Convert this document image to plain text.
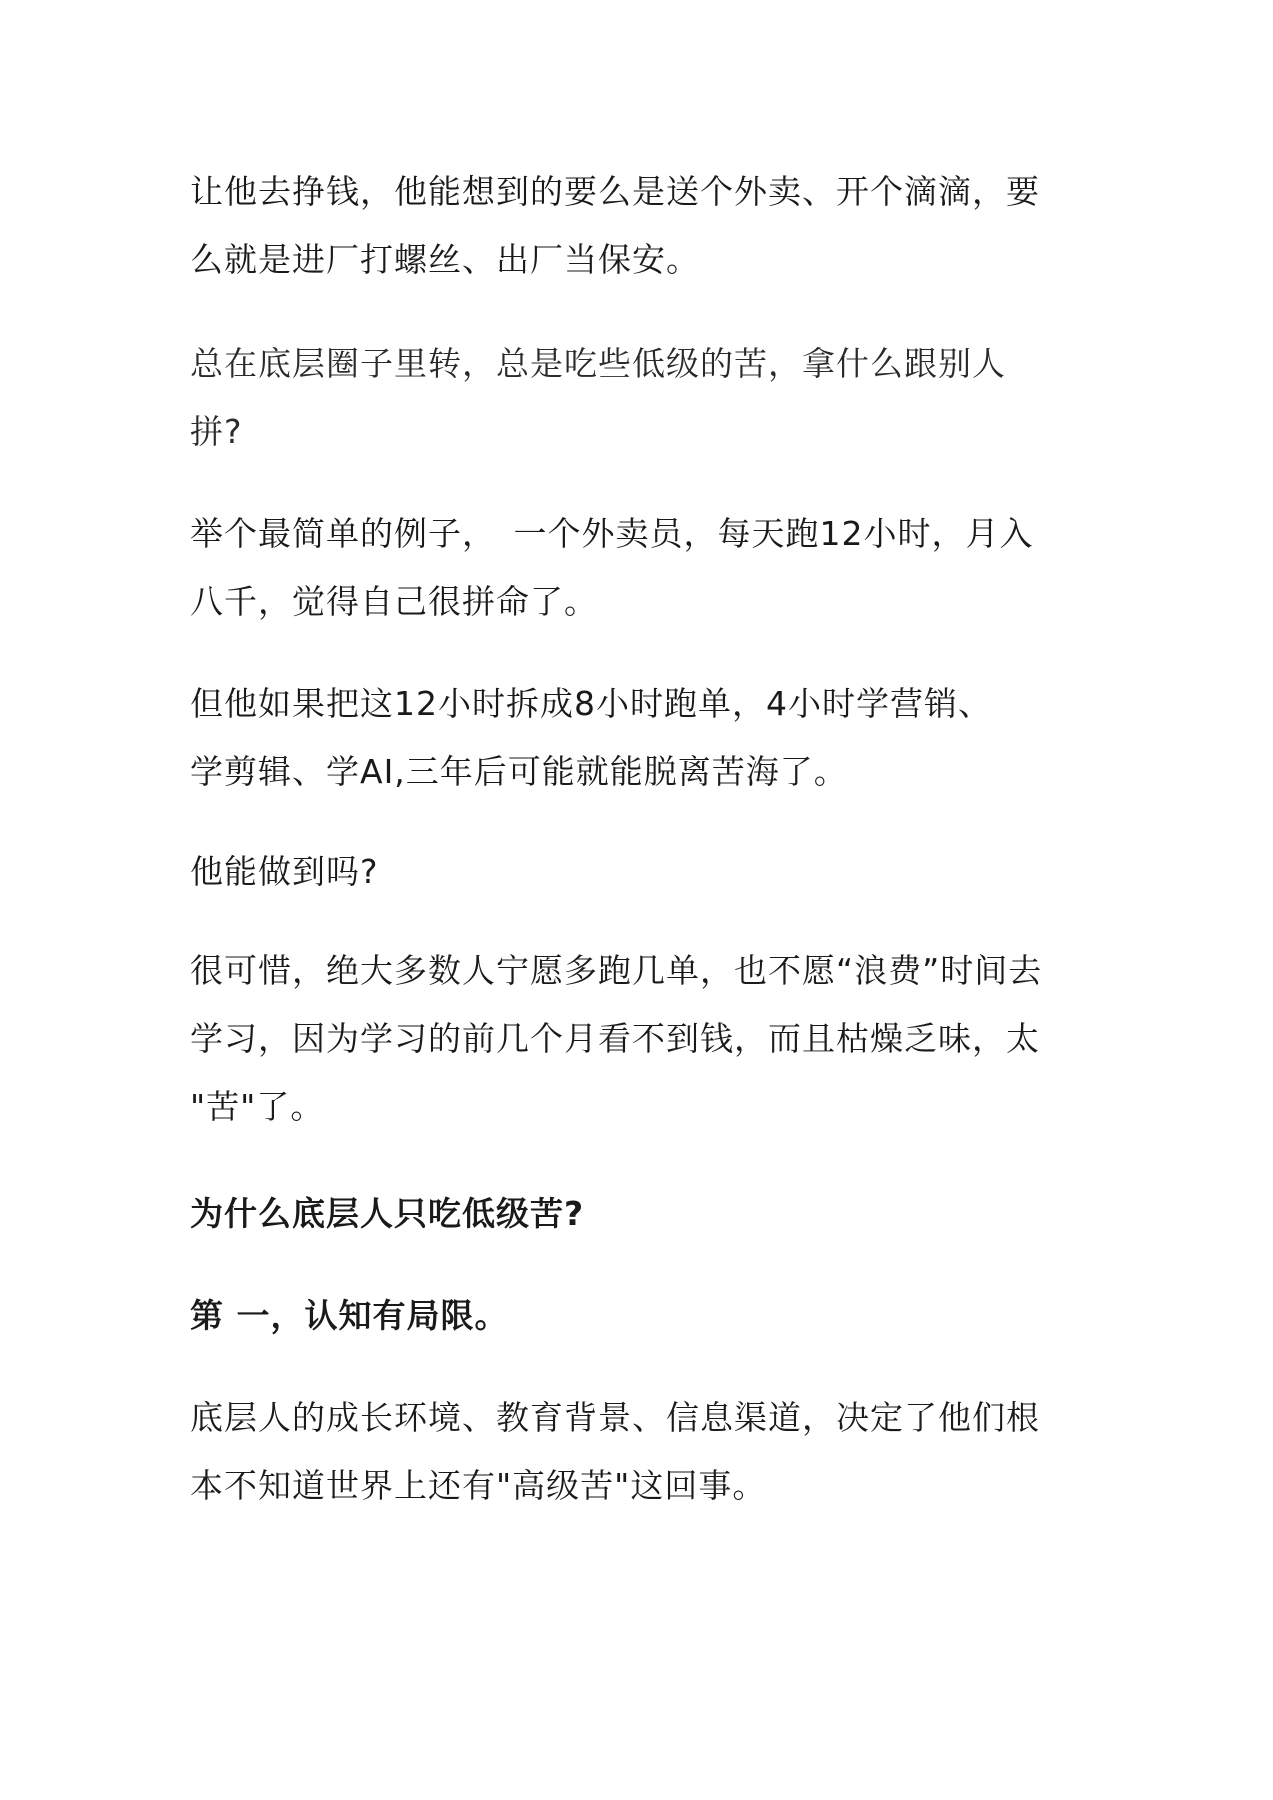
让他去挣钱，他能想到的要么是送个外卖、开个滴滴，要
么就是进厂打螺丝、出厂当保安。

总在底层圈子里转，总是吃些低级的苦，拿什么跟别人
拼?

举个最简单的例子，　一个外卖员，每天跑12小时，月入
八千，觉得自己很拼命了。

但他如果把这12小时拆成8小时跑单，4小时学营销、
学剪辑、学AI,三年后可能就能脱离苦海了。

他能做到吗?

很可惜，绝大多数人宁愿多跑几单，也不愿“浪费”时间去
学习，因为学习的前几个月看不到钱，而且枯燥乏味，太
"苦"了。

为什么底层人只吃低级苦?

第 一，认知有局限。

底层人的成长环境、教育背景、信息渠道，决定了他们根
本不知道世界上还有"高级苦"这回事。
